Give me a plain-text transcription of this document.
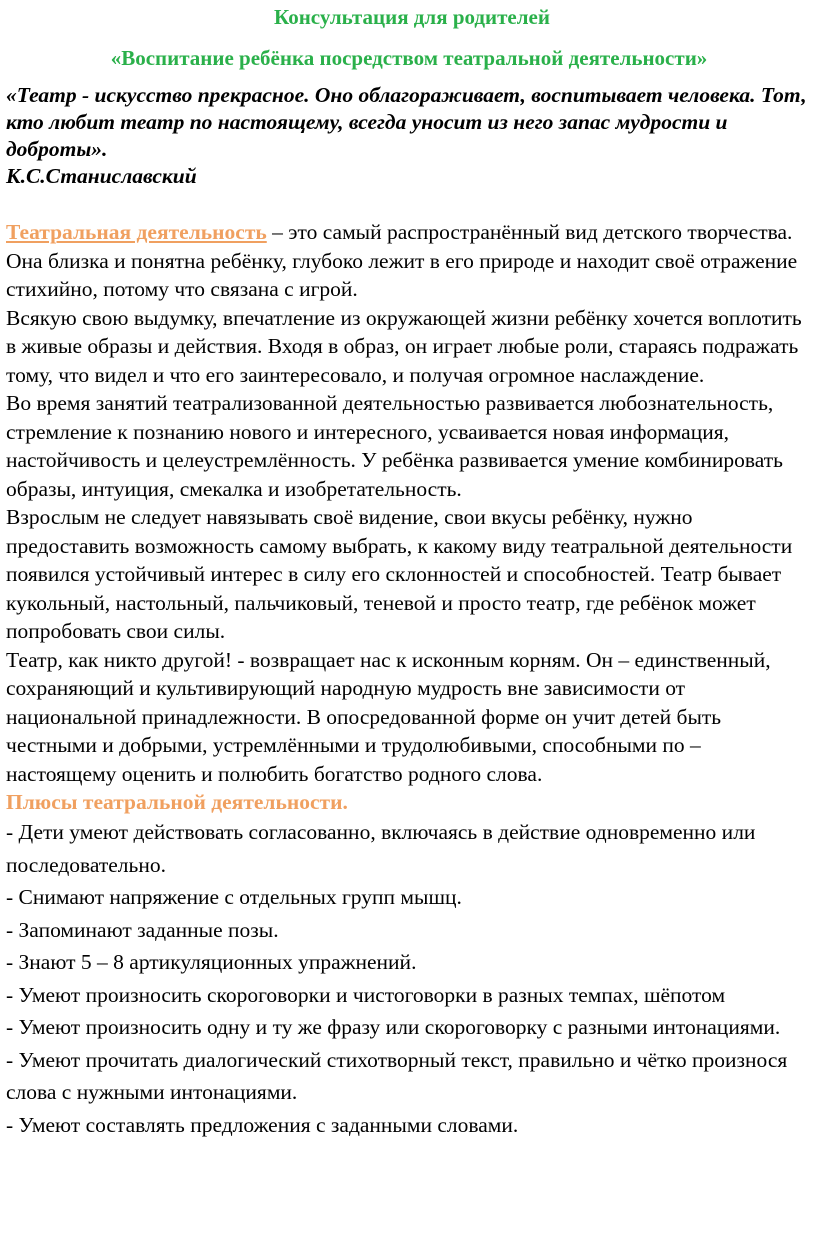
Консультация для родителей

«Воспитание ребёнка посредством театральной деятельности»

«Театр - искусство прекрасное. Оно облагораживает, воспитывает человека. Тот, кто любит театр по настоящему, всегда уносит из него запас мудрости и доброты».
К.С.Станиславский

Театральная деятельность – это самый распространённый вид детского творчества. Она близка и понятна ребёнку, глубоко лежит в его природе и находит своё отражение стихийно, потому что связана с игрой.

Всякую свою выдумку, впечатление из окружающей жизни ребёнку хочется воплотить в живые образы и действия. Входя в образ, он играет любые роли, стараясь подражать тому, что видел и что его заинтересовало, и получая огромное наслаждение.

Во время занятий театрализованной деятельностью развивается любознательность, стремление к познанию нового и интересного, усваивается новая информация, настойчивость и целеустремлённость. У ребёнка развивается умение комбинировать образы, интуиция, смекалка и изобретательность.

Взрослым не следует навязывать своё видение, свои вкусы ребёнку, нужно предоставить возможность самому выбрать, к какому виду театральной деятельности появился устойчивый интерес в силу его склонностей и способностей. Театр бывает кукольный, настольный, пальчиковый, теневой и просто театр, где ребёнок может попробовать свои силы.

Театр, как никто другой! - возвращает нас к исконным корням. Он – единственный, сохраняющий и культивирующий народную мудрость вне зависимости от национальной принадлежности. В опосредованной форме он учит детей быть честными и добрыми, устремлёнными и трудолюбивыми, способными по – настоящему оценить и полюбить богатство родного слова.

Плюсы театральной деятельности.

- Дети умеют действовать согласованно, включаясь в действие одновременно или последовательно.

- Снимают напряжение с отдельных групп мышц.

- Запоминают заданные позы.

- Знают 5 – 8 артикуляционных упражнений.

- Умеют произносить скороговорки и чистоговорки в разных темпах, шёпотом

- Умеют произносить одну и ту же фразу или скороговорку с разными интонациями.

- Умеют прочитать диалогический стихотворный текст, правильно и чётко произнося слова с нужными интонациями.

- Умеют составлять предложения с заданными словами.
